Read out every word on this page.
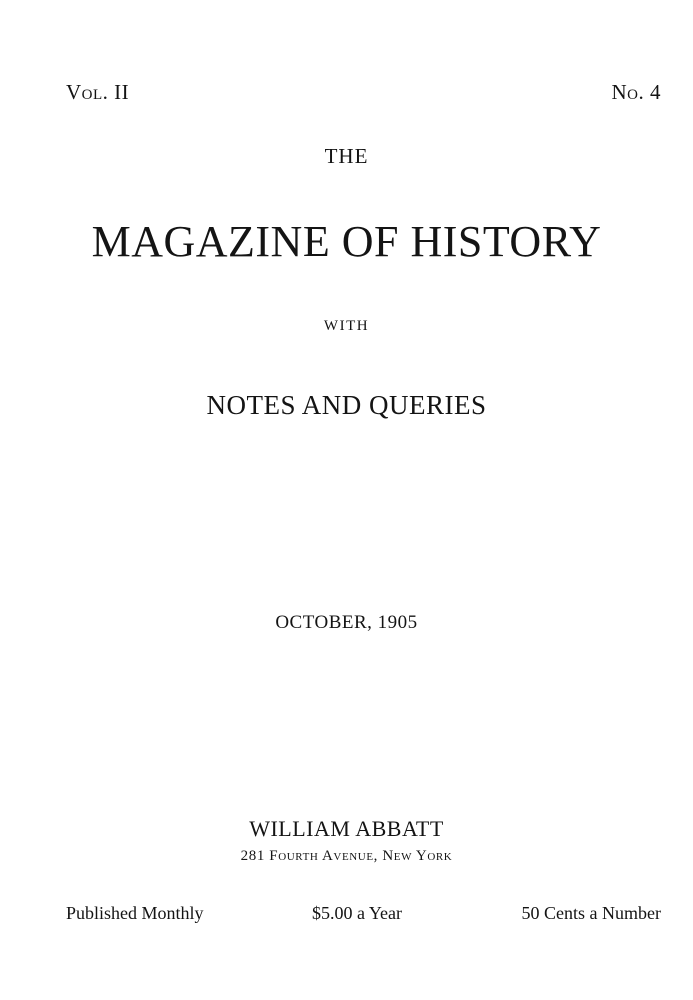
Vol. II	No. 4
THE
MAGAZINE OF HISTORY
WITH
NOTES AND QUERIES
OCTOBER, 1905
WILLIAM ABBATT
281 Fourth Avenue, New York
Published Monthly	$5.00 a Year	50 Cents a Number
